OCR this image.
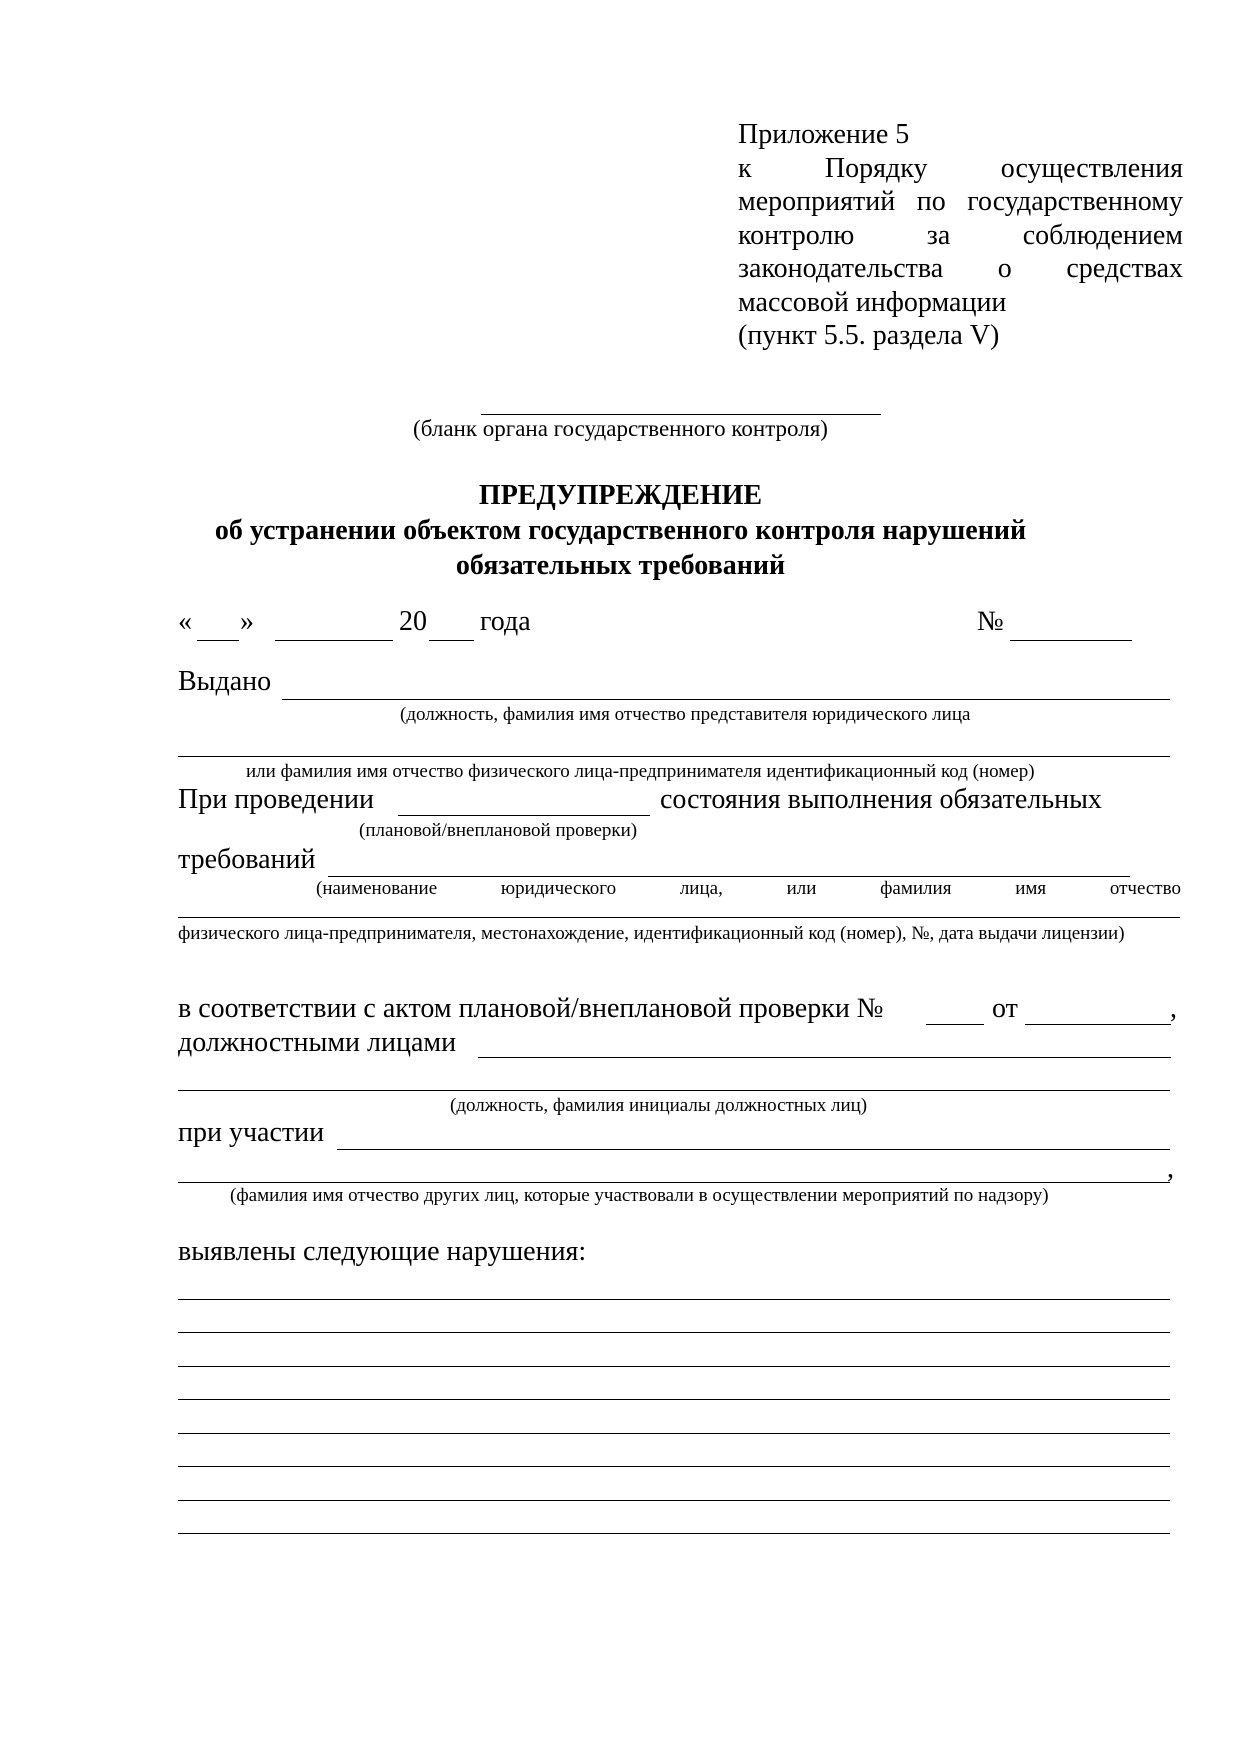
Приложение 5
к Порядку осуществления
мероприятий по государственному
контролю за соблюдением
законодательства о средствах
массовой информации
(пункт 5.5. раздела V)
(бланк органа государственного контроля)
ПРЕДУПРЕЖДЕНИЕ
об устранении объектом государственного контроля нарушений
обязательных требований
« »	20 года	№
Выдано
(должность, фамилия имя отчество представителя юридического лица
или фамилия имя отчество физического лица-предпринимателя идентификационный код (номер)
При проведении	состояния выполнения обязательных
(плановой/внеплановой проверки)
требований
(наименование	юридического	лица,	или	фамилия	имя	отчество
физического лица-предпринимателя, местонахождение, идентификационный код (номер), №, дата выдачи лицензии)
в соответствии с актом плановой/внеплановой проверки №	от	,
должностными лицами
(должность, фамилия инициалы должностных лиц)
при участии
,
(фамилия имя отчество других лиц, которые участвовали в осуществлении мероприятий по надзору)
выявлены следующие нарушения:
